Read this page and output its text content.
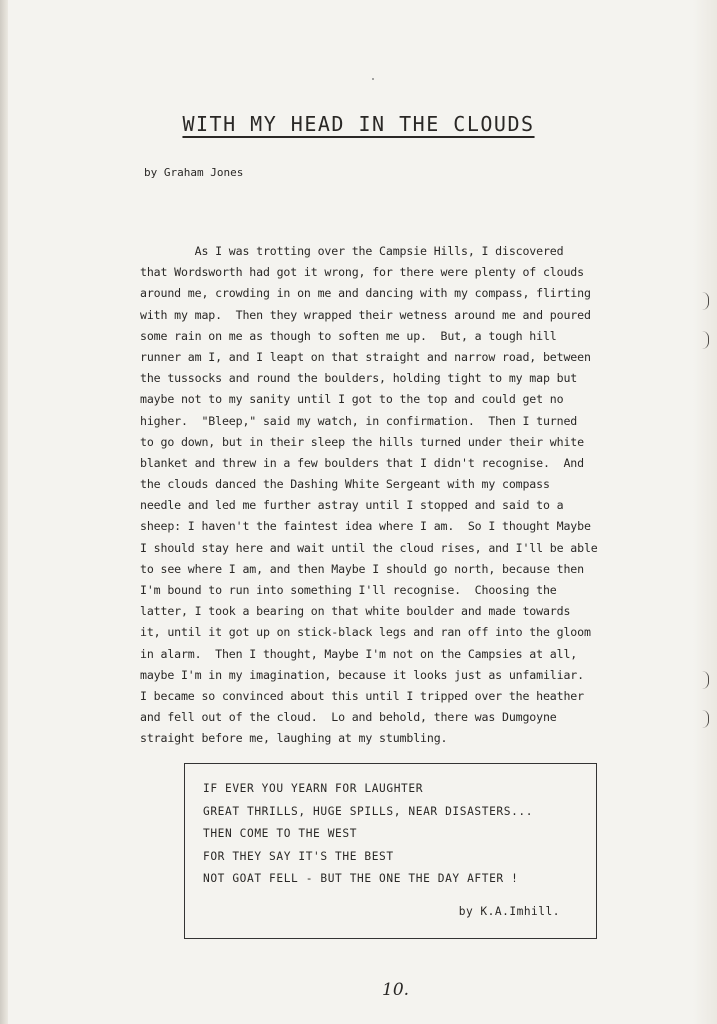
WITH MY HEAD IN THE CLOUDS

by Graham Jones

As I was trotting over the Campsie Hills, I discovered
that Wordsworth had got it wrong, for there were plenty of clouds
around me, crowding in on me and dancing with my compass, flirting
with my map.  Then they wrapped their wetness around me and poured
some rain on me as though to soften me up.  But, a tough hill
runner am I, and I leapt on that straight and narrow road, between
the tussocks and round the boulders, holding tight to my map but
maybe not to my sanity until I got to the top and could get no
higher.  "Bleep," said my watch, in confirmation.  Then I turned
to go down, but in their sleep the hills turned under their white
blanket and threw in a few boulders that I didn't recognise.  And
the clouds danced the Dashing White Sergeant with my compass
needle and led me further astray until I stopped and said to a
sheep: I haven't the faintest idea where I am.  So I thought Maybe
I should stay here and wait until the cloud rises, and I'll be able
to see where I am, and then Maybe I should go north, because then
I'm bound to run into something I'll recognise.  Choosing the
latter, I took a bearing on that white boulder and made towards
it, until it got up on stick-black legs and ran off into the gloom
in alarm.  Then I thought, Maybe I'm not on the Campsies at all,
maybe I'm in my imagination, because it looks just as unfamiliar.
I became so convinced about this until I tripped over the heather
and fell out of the cloud.  Lo and behold, there was Dumgoyne
straight before me, laughing at my stumbling.
IF EVER YOU YEARN FOR LAUGHTER
GREAT THRILLS, HUGE SPILLS, NEAR DISASTERS...
THEN COME TO THE WEST
FOR THEY SAY IT'S THE BEST
NOT GOAT FELL - BUT THE ONE THE DAY AFTER !
by K.A.Imhill.
10.
